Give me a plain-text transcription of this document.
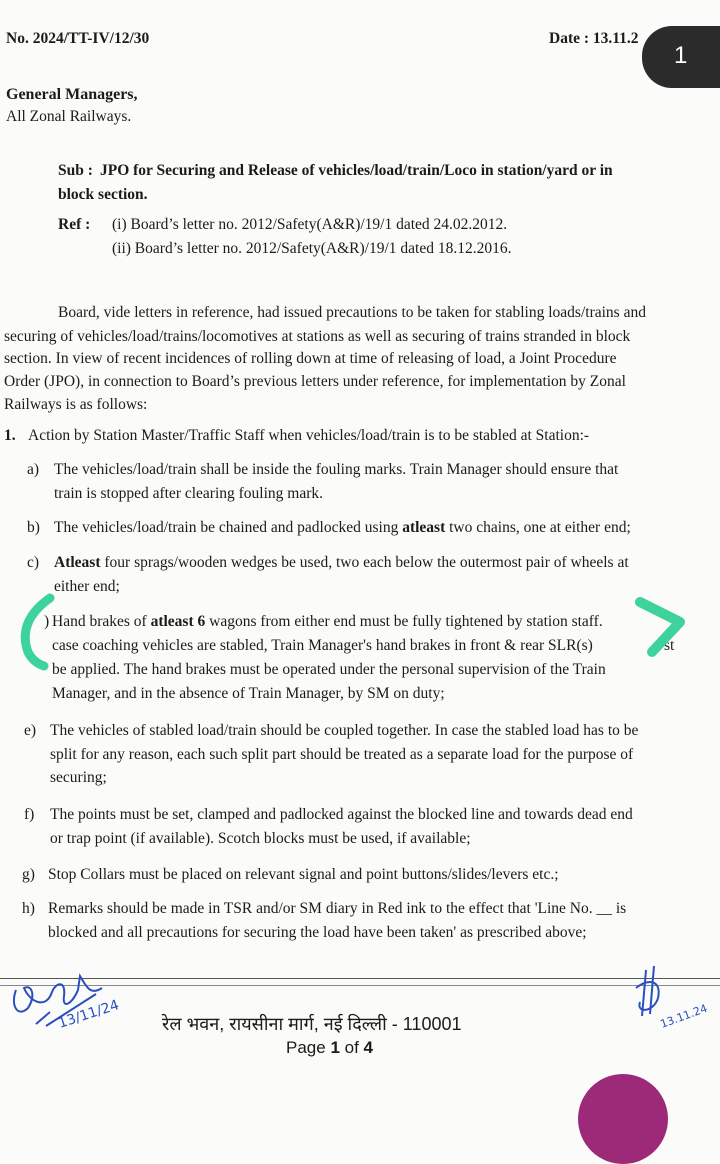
No. 2024/TT-IV/12/30	Date : 13.11.2
1
General Managers,
All Zonal Railways.
Sub : JPO for Securing and Release of vehicles/load/train/Loco in station/yard or in
block section.
Ref : (i) Board’s letter no. 2012/Safety(A&R)/19/1 dated 24.02.2012.
(ii) Board’s letter no. 2012/Safety(A&R)/19/1 dated 18.12.2016.
Board, vide letters in reference, had issued precautions to be taken for stabling loads/trains and
securing of vehicles/load/trains/locomotives at stations as well as securing of trains stranded in block
section. In view of recent incidences of rolling down at time of releasing of load, a Joint Procedure
Order (JPO), in connection to Board’s previous letters under reference, for implementation by Zonal
Railways is as follows:
1. Action by Station Master/Traffic Staff when vehicles/load/train is to be stabled at Station:-
a) The vehicles/load/train shall be inside the fouling marks. Train Manager should ensure that
train is stopped after clearing fouling mark.
b) The vehicles/load/train be chained and padlocked using atleast two chains, one at either end;
c) Atleast four sprags/wooden wedges be used, two each below the outermost pair of wheels at
either end;
) Hand brakes of atleast 6 wagons from either end must be fully tightened by station staff.
case coaching vehicles are stabled, Train Manager's hand brakes in front & rear SLR(s)	st
be applied. The hand brakes must be operated under the personal supervision of the Train
Manager, and in the absence of Train Manager, by SM on duty;
e) The vehicles of stabled load/train should be coupled together. In case the stabled load has to be
split for any reason, each such split part should be treated as a separate load for the purpose of
securing;
f) The points must be set, clamped and padlocked against the blocked line and towards dead end
or trap point (if available). Scotch blocks must be used, if available;
g) Stop Collars must be placed on relevant signal and point buttons/slides/levers etc.;
h) Remarks should be made in TSR and/or SM diary in Red ink to the effect that 'Line No. __ is
blocked and all precautions for securing the load have been taken' as prescribed above;
13/11/24	13.11.24
रेल भवन, रायसीना मार्ग, नई दिल्ली - 110001
Page 1 of 4
